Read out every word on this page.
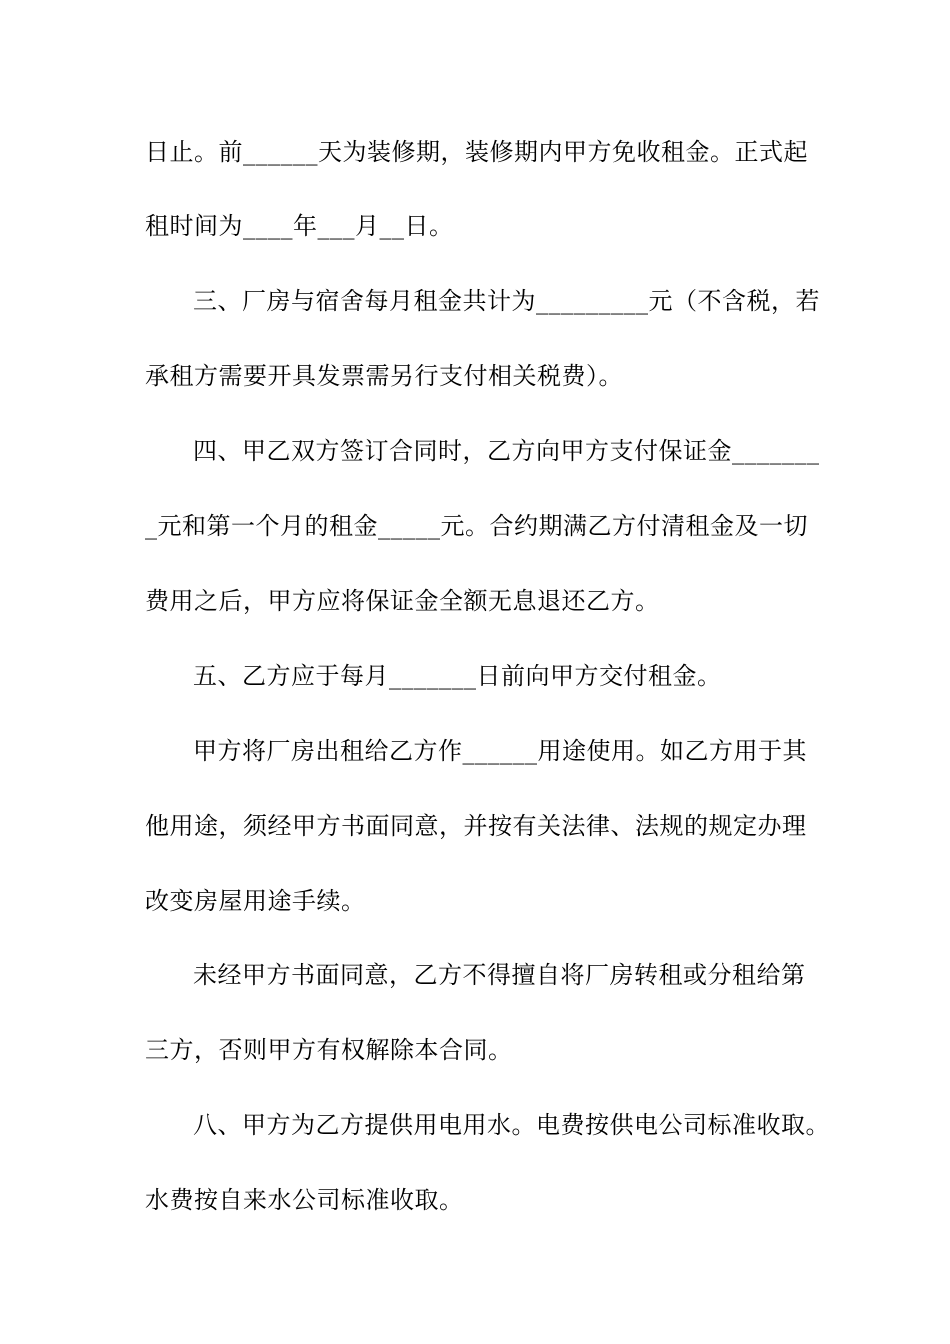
日止。前______天为装修期，装修期内甲方免收租金。正式起
租时间为____年___月__日。
三、厂房与宿舍每月租金共计为_________元（不含税，若
承租方需要开具发票需另行支付相关税费）。
四、甲乙双方签订合同时，乙方向甲方支付保证金_______
_元和第一个月的租金_____元。合约期满乙方付清租金及一切
费用之后，甲方应将保证金全额无息退还乙方。
五、乙方应于每月_______日前向甲方交付租金。
甲方将厂房出租给乙方作______用途使用。如乙方用于其
他用途，须经甲方书面同意，并按有关法律、法规的规定办理
改变房屋用途手续。
未经甲方书面同意，乙方不得擅自将厂房转租或分租给第
三方，否则甲方有权解除本合同。
八、甲方为乙方提供用电用水。电费按供电公司标准收取。
水费按自来水公司标准收取。
